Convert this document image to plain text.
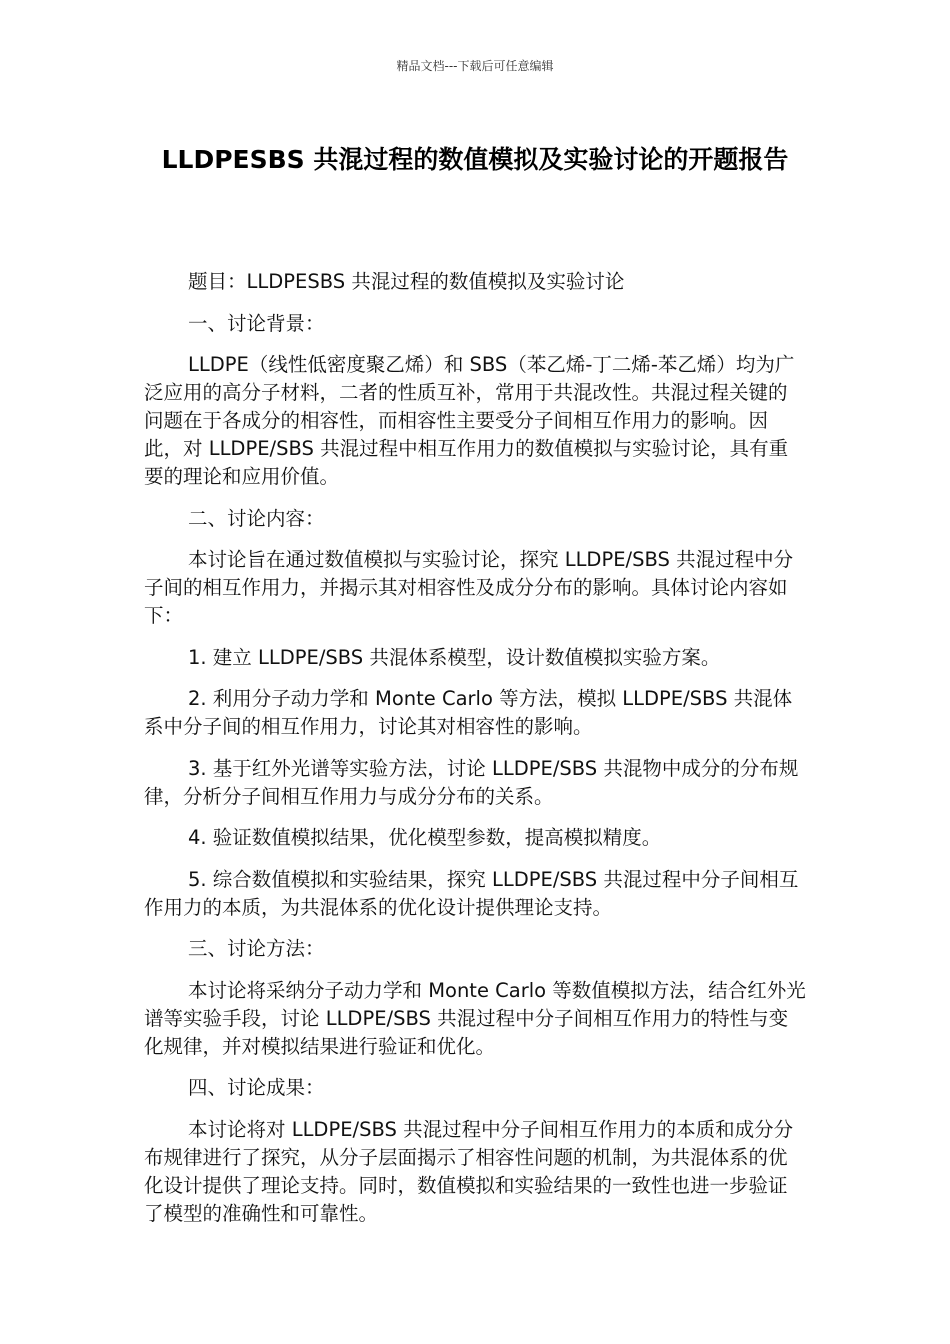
精品文档---下载后可任意编辑
LLDPESBS 共混过程的数值模拟及实验讨论的开题报告

题目：LLDPESBS 共混过程的数值模拟及实验讨论

一、讨论背景：

LLDPE（线性低密度聚乙烯）和 SBS（苯乙烯-丁二烯-苯乙烯）均为广泛应用的高分子材料，二者的性质互补，常用于共混改性。共混过程关键的问题在于各成分的相容性，而相容性主要受分子间相互作用力的影响。因此，对 LLDPE/SBS 共混过程中相互作用力的数值模拟与实验讨论，具有重要的理论和应用价值。

二、讨论内容：

本讨论旨在通过数值模拟与实验讨论，探究 LLDPE/SBS 共混过程中分子间的相互作用力，并揭示其对相容性及成分分布的影响。具体讨论内容如下：

1. 建立 LLDPE/SBS 共混体系模型，设计数值模拟实验方案。

2. 利用分子动力学和 Monte Carlo 等方法，模拟 LLDPE/SBS 共混体系中分子间的相互作用力，讨论其对相容性的影响。

3. 基于红外光谱等实验方法，讨论 LLDPE/SBS 共混物中成分的分布规律，分析分子间相互作用力与成分分布的关系。

4. 验证数值模拟结果，优化模型参数，提高模拟精度。

5. 综合数值模拟和实验结果，探究 LLDPE/SBS 共混过程中分子间相互作用力的本质，为共混体系的优化设计提供理论支持。

三、讨论方法：

本讨论将采纳分子动力学和 Monte Carlo 等数值模拟方法，结合红外光谱等实验手段，讨论 LLDPE/SBS 共混过程中分子间相互作用力的特性与变化规律，并对模拟结果进行验证和优化。

四、讨论成果：

本讨论将对 LLDPE/SBS 共混过程中分子间相互作用力的本质和成分分布规律进行了探究，从分子层面揭示了相容性问题的机制，为共混体系的优化设计提供了理论支持。同时，数值模拟和实验结果的一致性也进一步验证了模型的准确性和可靠性。
